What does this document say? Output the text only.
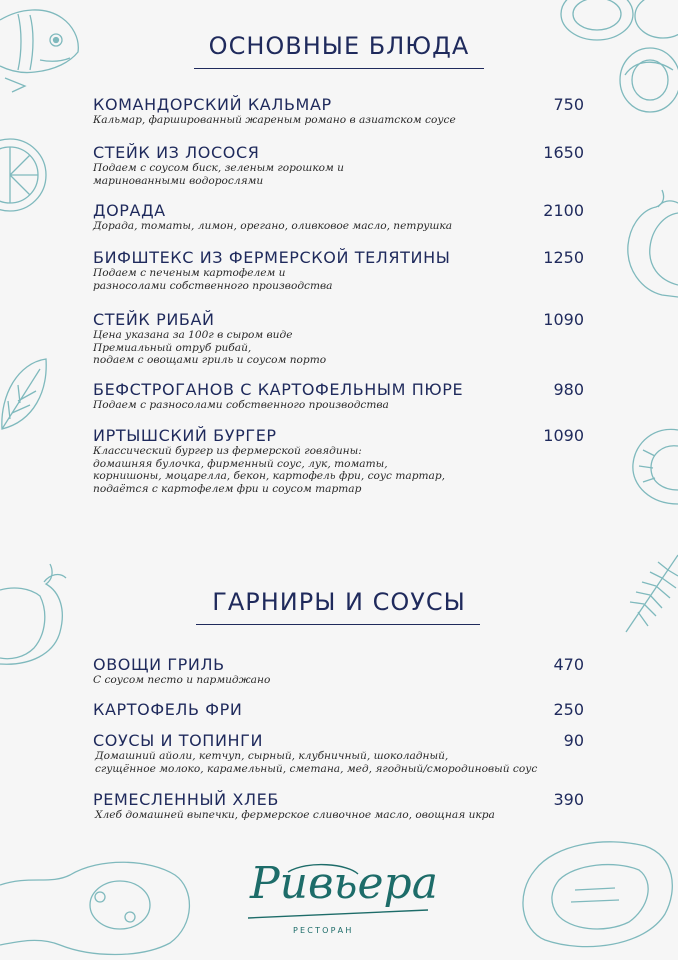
ОСНОВНЫЕ БЛЮДА
КОМАНДОРСКИЙ КАЛЬМАР	750
Кальмар, фаршированный жареным романо в азиатском соусе
СТЕЙК ИЗ ЛОСОСЯ	1650
Подаем с соусом биск, зеленым горошком и
маринованными водорослями
ДОРАДА	2100
Дорада, томаты, лимон, орегано, оливковое масло, петрушка
БИФШТЕКС ИЗ ФЕРМЕРСКОЙ ТЕЛЯТИНЫ	1250
Подаем с печеным картофелем и
разносолами собственного производства
СТЕЙК РИБАЙ	1090
Цена указана за 100г в сыром виде
Премиальный отруб рибай,
подаем с овощами гриль и соусом порто
БЕФСТРОГАНОВ С КАРТОФЕЛЬНЫМ ПЮРЕ	980
Подаем с разносолами собственного производства
ИРТЫШСКИЙ БУРГЕР	1090
Классический бургер из фермерской говядины:
домашняя булочка, фирменный соус, лук, томаты,
корнишоны, моцарелла, бекон, картофель фри, соус тартар,
подаётся с картофелем фри и соусом тартар
ГАРНИРЫ И СОУСЫ
ОВОЩИ ГРИЛЬ	470
С соусом песто и пармиджано
КАРТОФЕЛЬ ФРИ	250
СОУСЫ И ТОПИНГИ	90
Домашний айоли, кетчуп, сырный, клубничный, шоколадный,
сгущённое молоко, карамельный, сметана, мед, ягодный/смородиновый соус
РЕМЕСЛЕННЫЙ ХЛЕБ	390
Хлеб домашней выпечки, фермерское сливочное масло, овощная икра
Ривьера
РЕСТОРАН
